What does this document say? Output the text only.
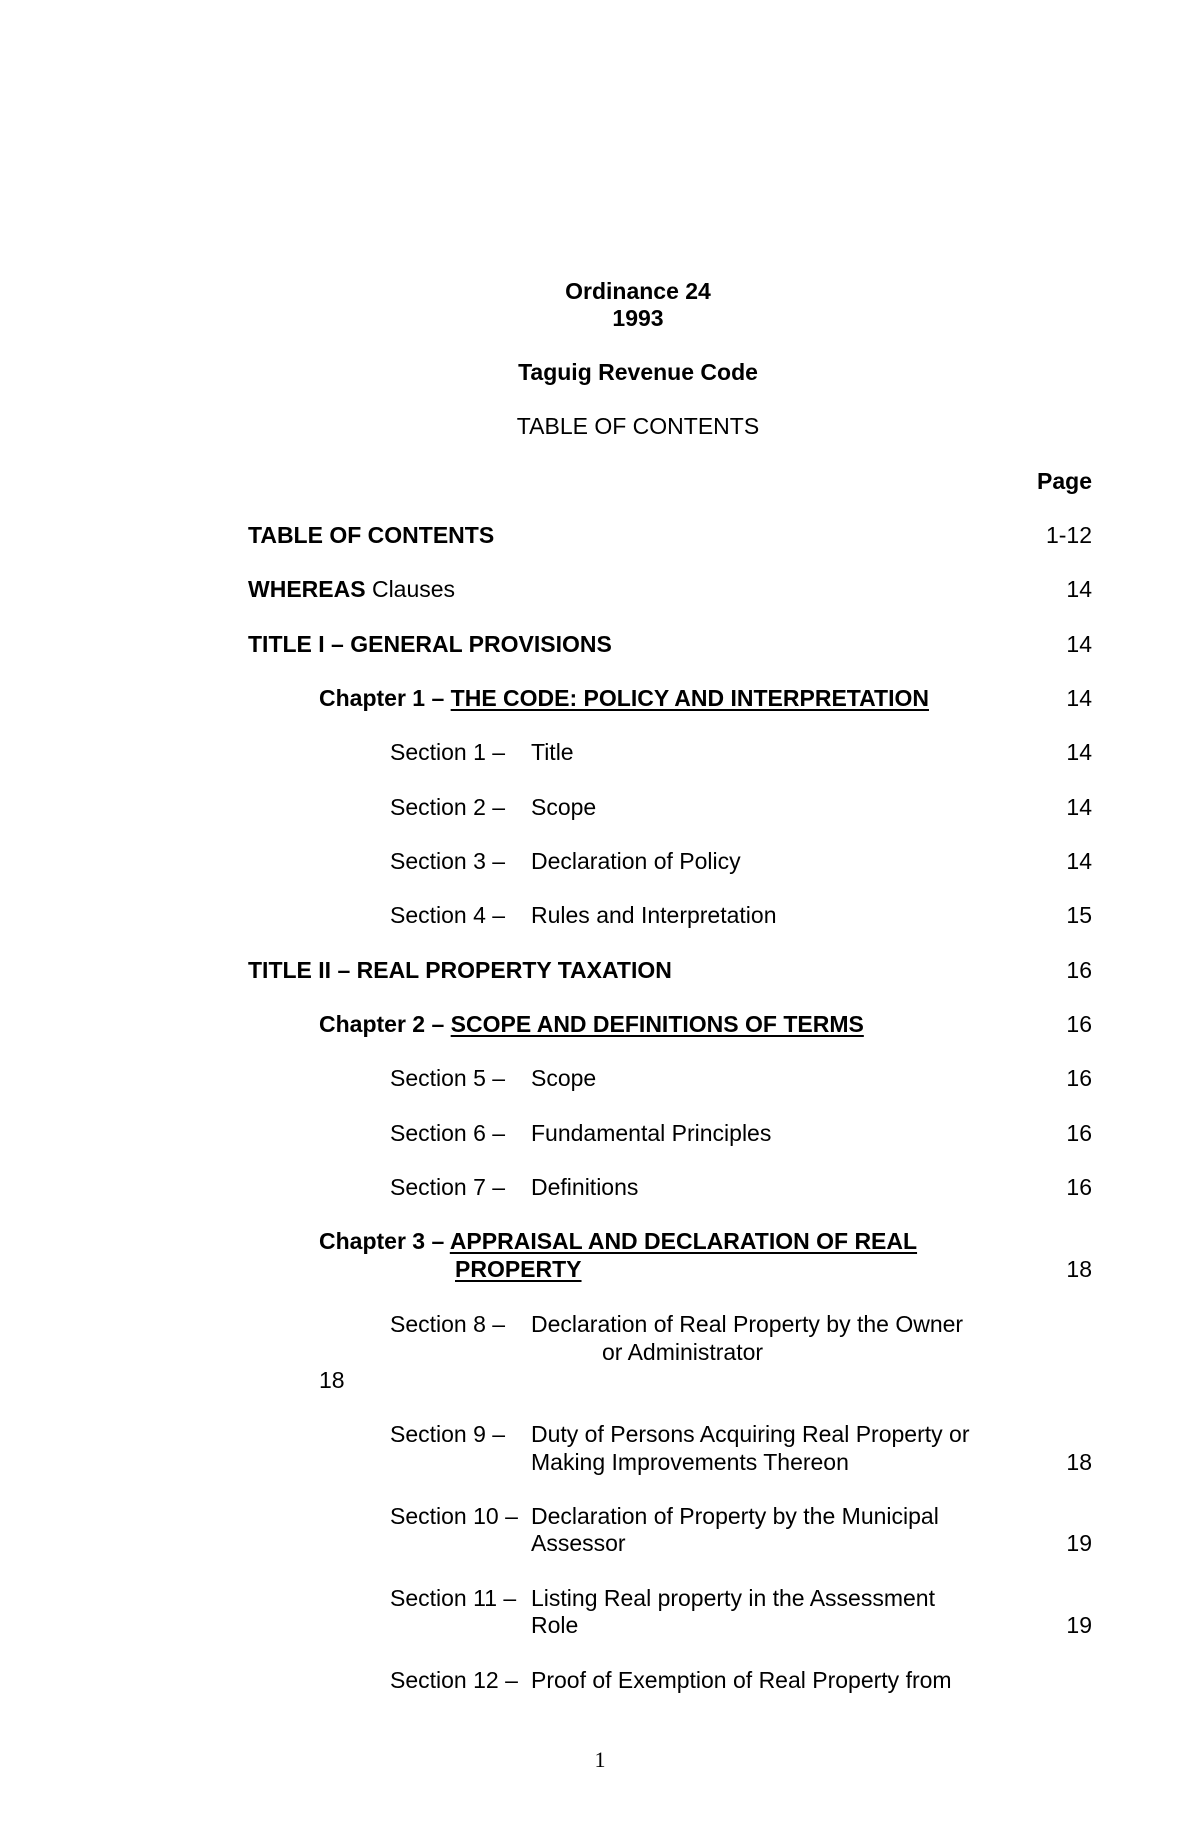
Ordinance 24
1993
Taguig Revenue Code
TABLE OF CONTENTS
Page
TABLE OF CONTENTS	1-12
WHEREAS Clauses	14
TITLE I – GENERAL PROVISIONS	14
Chapter 1 – THE CODE: POLICY AND INTERPRETATION	14
Section 1 – Title	14
Section 2 – Scope	14
Section 3 – Declaration of Policy	14
Section 4 – Rules and Interpretation	15
TITLE II – REAL PROPERTY TAXATION	16
Chapter 2 – SCOPE AND DEFINITIONS OF TERMS	16
Section 5 – Scope	16
Section 6 – Fundamental Principles	16
Section 7 – Definitions	16
Chapter 3 – APPRAISAL AND DECLARATION OF REAL
PROPERTY	18
Section 8 – Declaration of Real Property by the Owner
or Administrator
18
Section 9 – Duty of Persons Acquiring Real Property or
Making Improvements Thereon	18
Section 10 – Declaration of Property by the Municipal
Assessor	19
Section 11 – Listing Real property in the Assessment
Role	19
Section 12 – Proof of Exemption of Real Property from
1
